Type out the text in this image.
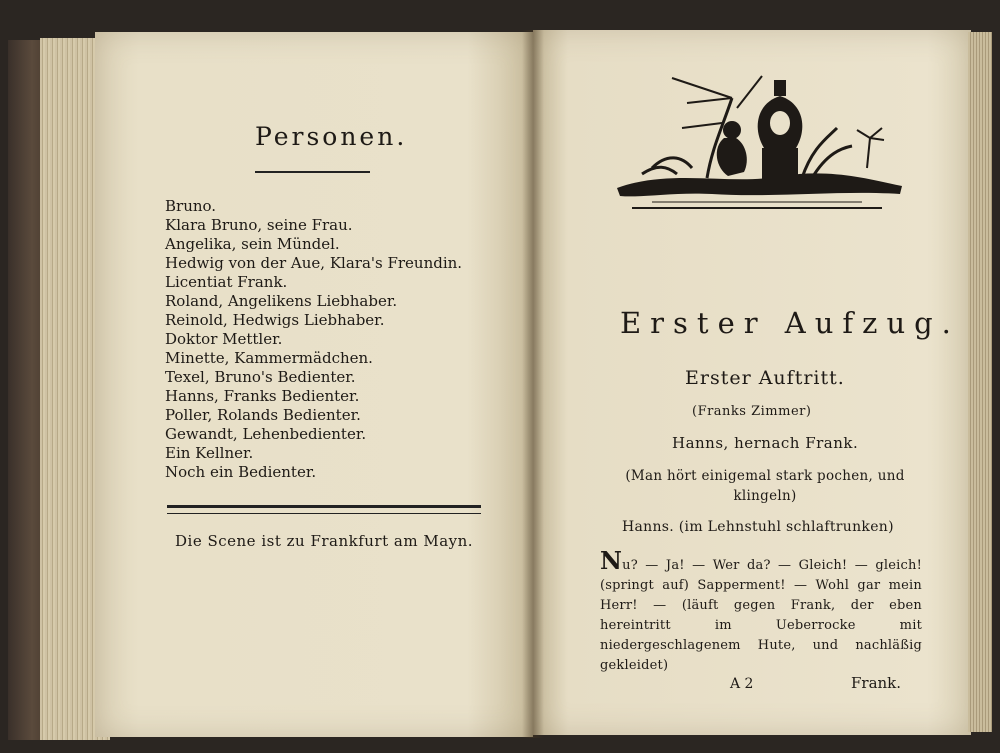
Personen.
Bruno.
Klara Bruno, seine Frau.
Angelika, sein Mündel.
Hedwig von der Aue, Klara's Freundin.
Licentiat Frank.
Roland, Angelikens Liebhaber.
Reinold, Hedwigs Liebhaber.
Doktor Mettler.
Minette, Kammermädchen.
Texel, Bruno's Bedienter.
Hanns, Franks Bedienter.
Poller, Rolands Bedienter.
Gewandt, Lehenbedienter.
Ein Kellner.
Noch ein Bedienter.
Die Scene ist zu Frankfurt am Mayn.
Erster Aufzug.
Erster Auftritt.
(Franks Zimmer)
Hanns, hernach Frank.
(Man hört einigemal stark pochen, und klingeln)
Hanns. (im Lehnstuhl schlaftrunken)
Nu? — Ja! — Wer da? — Gleich! — gleich! (springt auf) Sapperment! — Wohl gar mein Herr! — (läuft gegen Frank, der eben hereintritt im Ueberrocke mit niedergeschlagenem Hute, und nachläßig gekleidet)
A 2	Frank.
